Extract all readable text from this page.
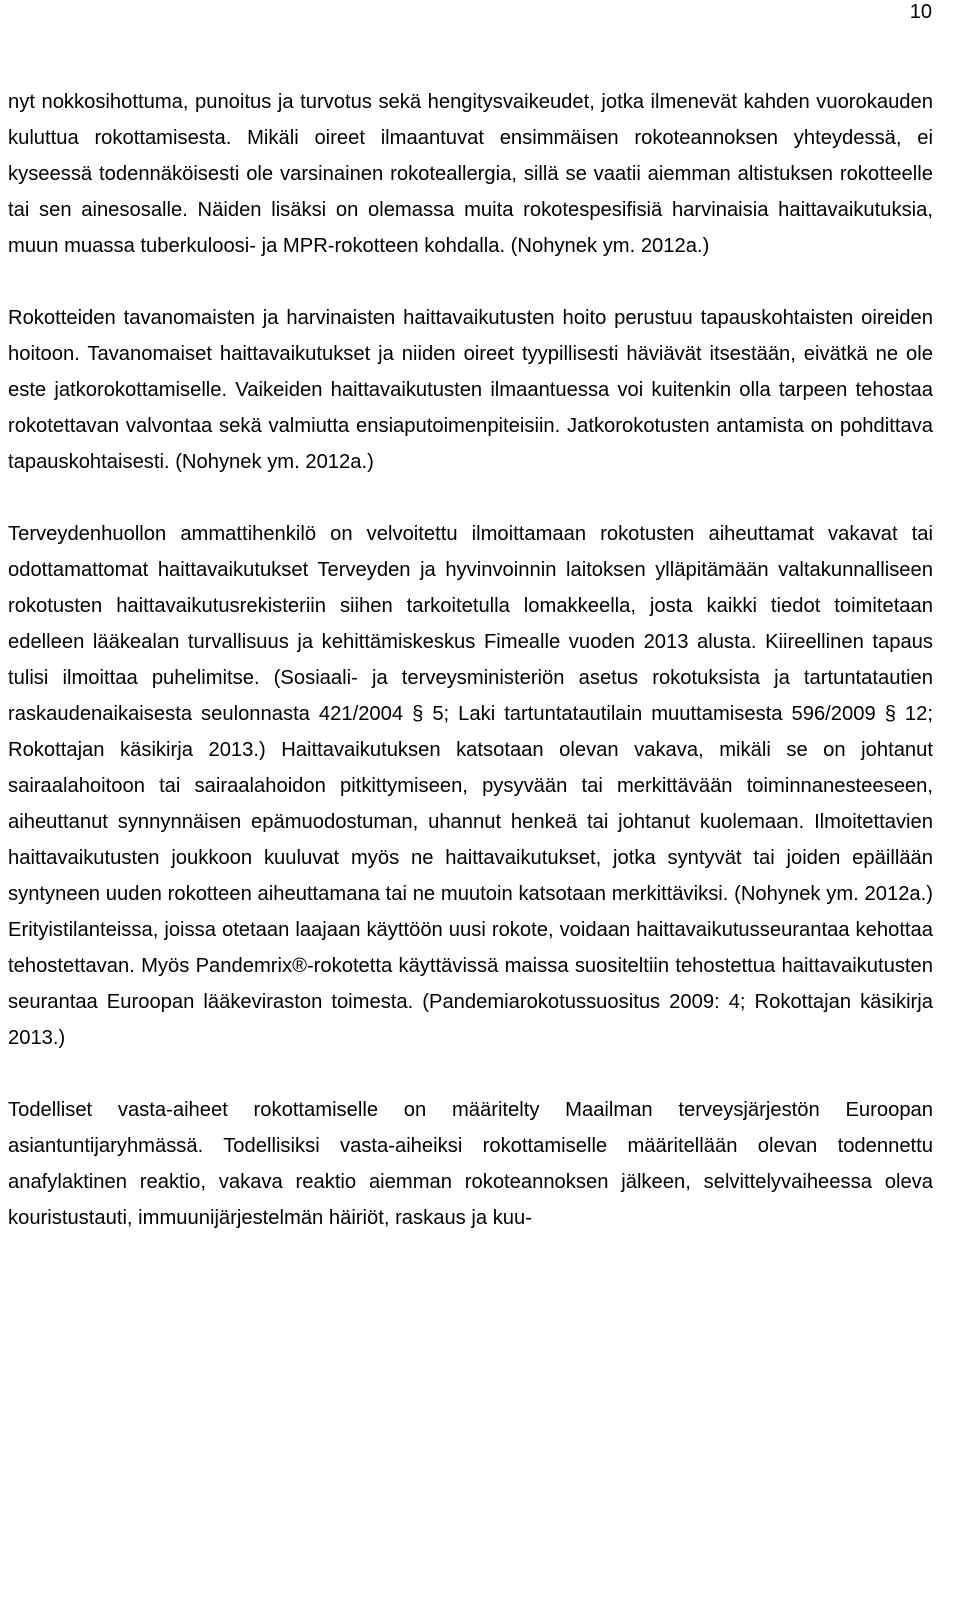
10

nyt nokkosihottuma, punoitus ja turvotus sekä hengitysvaikeudet, jotka ilmenevät kahden vuorokauden kuluttua rokottamisesta. Mikäli oireet ilmaantuvat ensimmäisen rokoteannoksen yhteydessä, ei kyseessä todennäköisesti ole varsinainen rokoteallergia, sillä se vaatii aiemman altistuksen rokotteelle tai sen ainesosalle. Näiden lisäksi on olemassa muita rokotespesifisiä harvinaisia haittavaikutuksia, muun muassa tuberkuloosi- ja MPR-rokotteen kohdalla. (Nohynek ym. 2012a.)

Rokotteiden tavanomaisten ja harvinaisten haittavaikutusten hoito perustuu tapauskohtaisten oireiden hoitoon. Tavanomaiset haittavaikutukset ja niiden oireet tyypillisesti häviävät itsestään, eivätkä ne ole este jatkorokottamiselle. Vaikeiden haittavaikutusten ilmaantuessa voi kuitenkin olla tarpeen tehostaa rokotettavan valvontaa sekä valmiutta ensiaputoimenpiteisiin. Jatkorokotusten antamista on pohdittava tapauskohtaisesti. (Nohynek ym. 2012a.)

Terveydenhuollon ammattihenkilö on velvoitettu ilmoittamaan rokotusten aiheuttamat vakavat tai odottamattomat haittavaikutukset Terveyden ja hyvinvoinnin laitoksen ylläpitämään valtakunnalliseen rokotusten haittavaikutusrekisteriin siihen tarkoitetulla lomakkeella, josta kaikki tiedot toimitetaan edelleen lääkealan turvallisuus ja kehittämiskeskus Fimealle vuoden 2013 alusta. Kiireellinen tapaus tulisi ilmoittaa puhelimitse. (Sosiaali- ja terveysministeriön asetus rokotuksista ja tartuntatautien raskaudenaikaisesta seulonnasta 421/2004 § 5; Laki tartuntatautilain muuttamisesta 596/2009 § 12; Rokottajan käsikirja 2013.) Haittavaikutuksen katsotaan olevan vakava, mikäli se on johtanut sairaalahoitoon tai sairaalahoidon pitkittymiseen, pysyvään tai merkittävään toiminnanesteeseen, aiheuttanut synnynnäisen epämuodostuman, uhannut henkeä tai johtanut kuolemaan. Ilmoitettavien haittavaikutusten joukkoon kuuluvat myös ne haittavaikutukset, jotka syntyvät tai joiden epäillään syntyneen uuden rokotteen aiheuttamana tai ne muutoin katsotaan merkittäviksi. (Nohynek ym. 2012a.) Erityistilanteissa, joissa otetaan laajaan käyttöön uusi rokote, voidaan haittavaikutusseurantaa kehottaa tehostettavan. Myös Pandemrix®-rokotetta käyttävissä maissa suositeltiin tehostettua haittavaikutusten seurantaa Euroopan lääkeviraston toimesta. (Pandemiarokotussuositus 2009: 4; Rokottajan käsikirja 2013.)

Todelliset vasta-aiheet rokottamiselle on määritelty Maailman terveysjärjestön Euroopan asiantuntijaryhmässä. Todellisiksi vasta-aiheiksi rokottamiselle määritellään olevan todennettu anafylaktinen reaktio, vakava reaktio aiemman rokoteannoksen jälkeen, selvittelyvaiheessa oleva kouristustauti, immuunijärjestelmän häiriöt, raskaus ja kuu-
